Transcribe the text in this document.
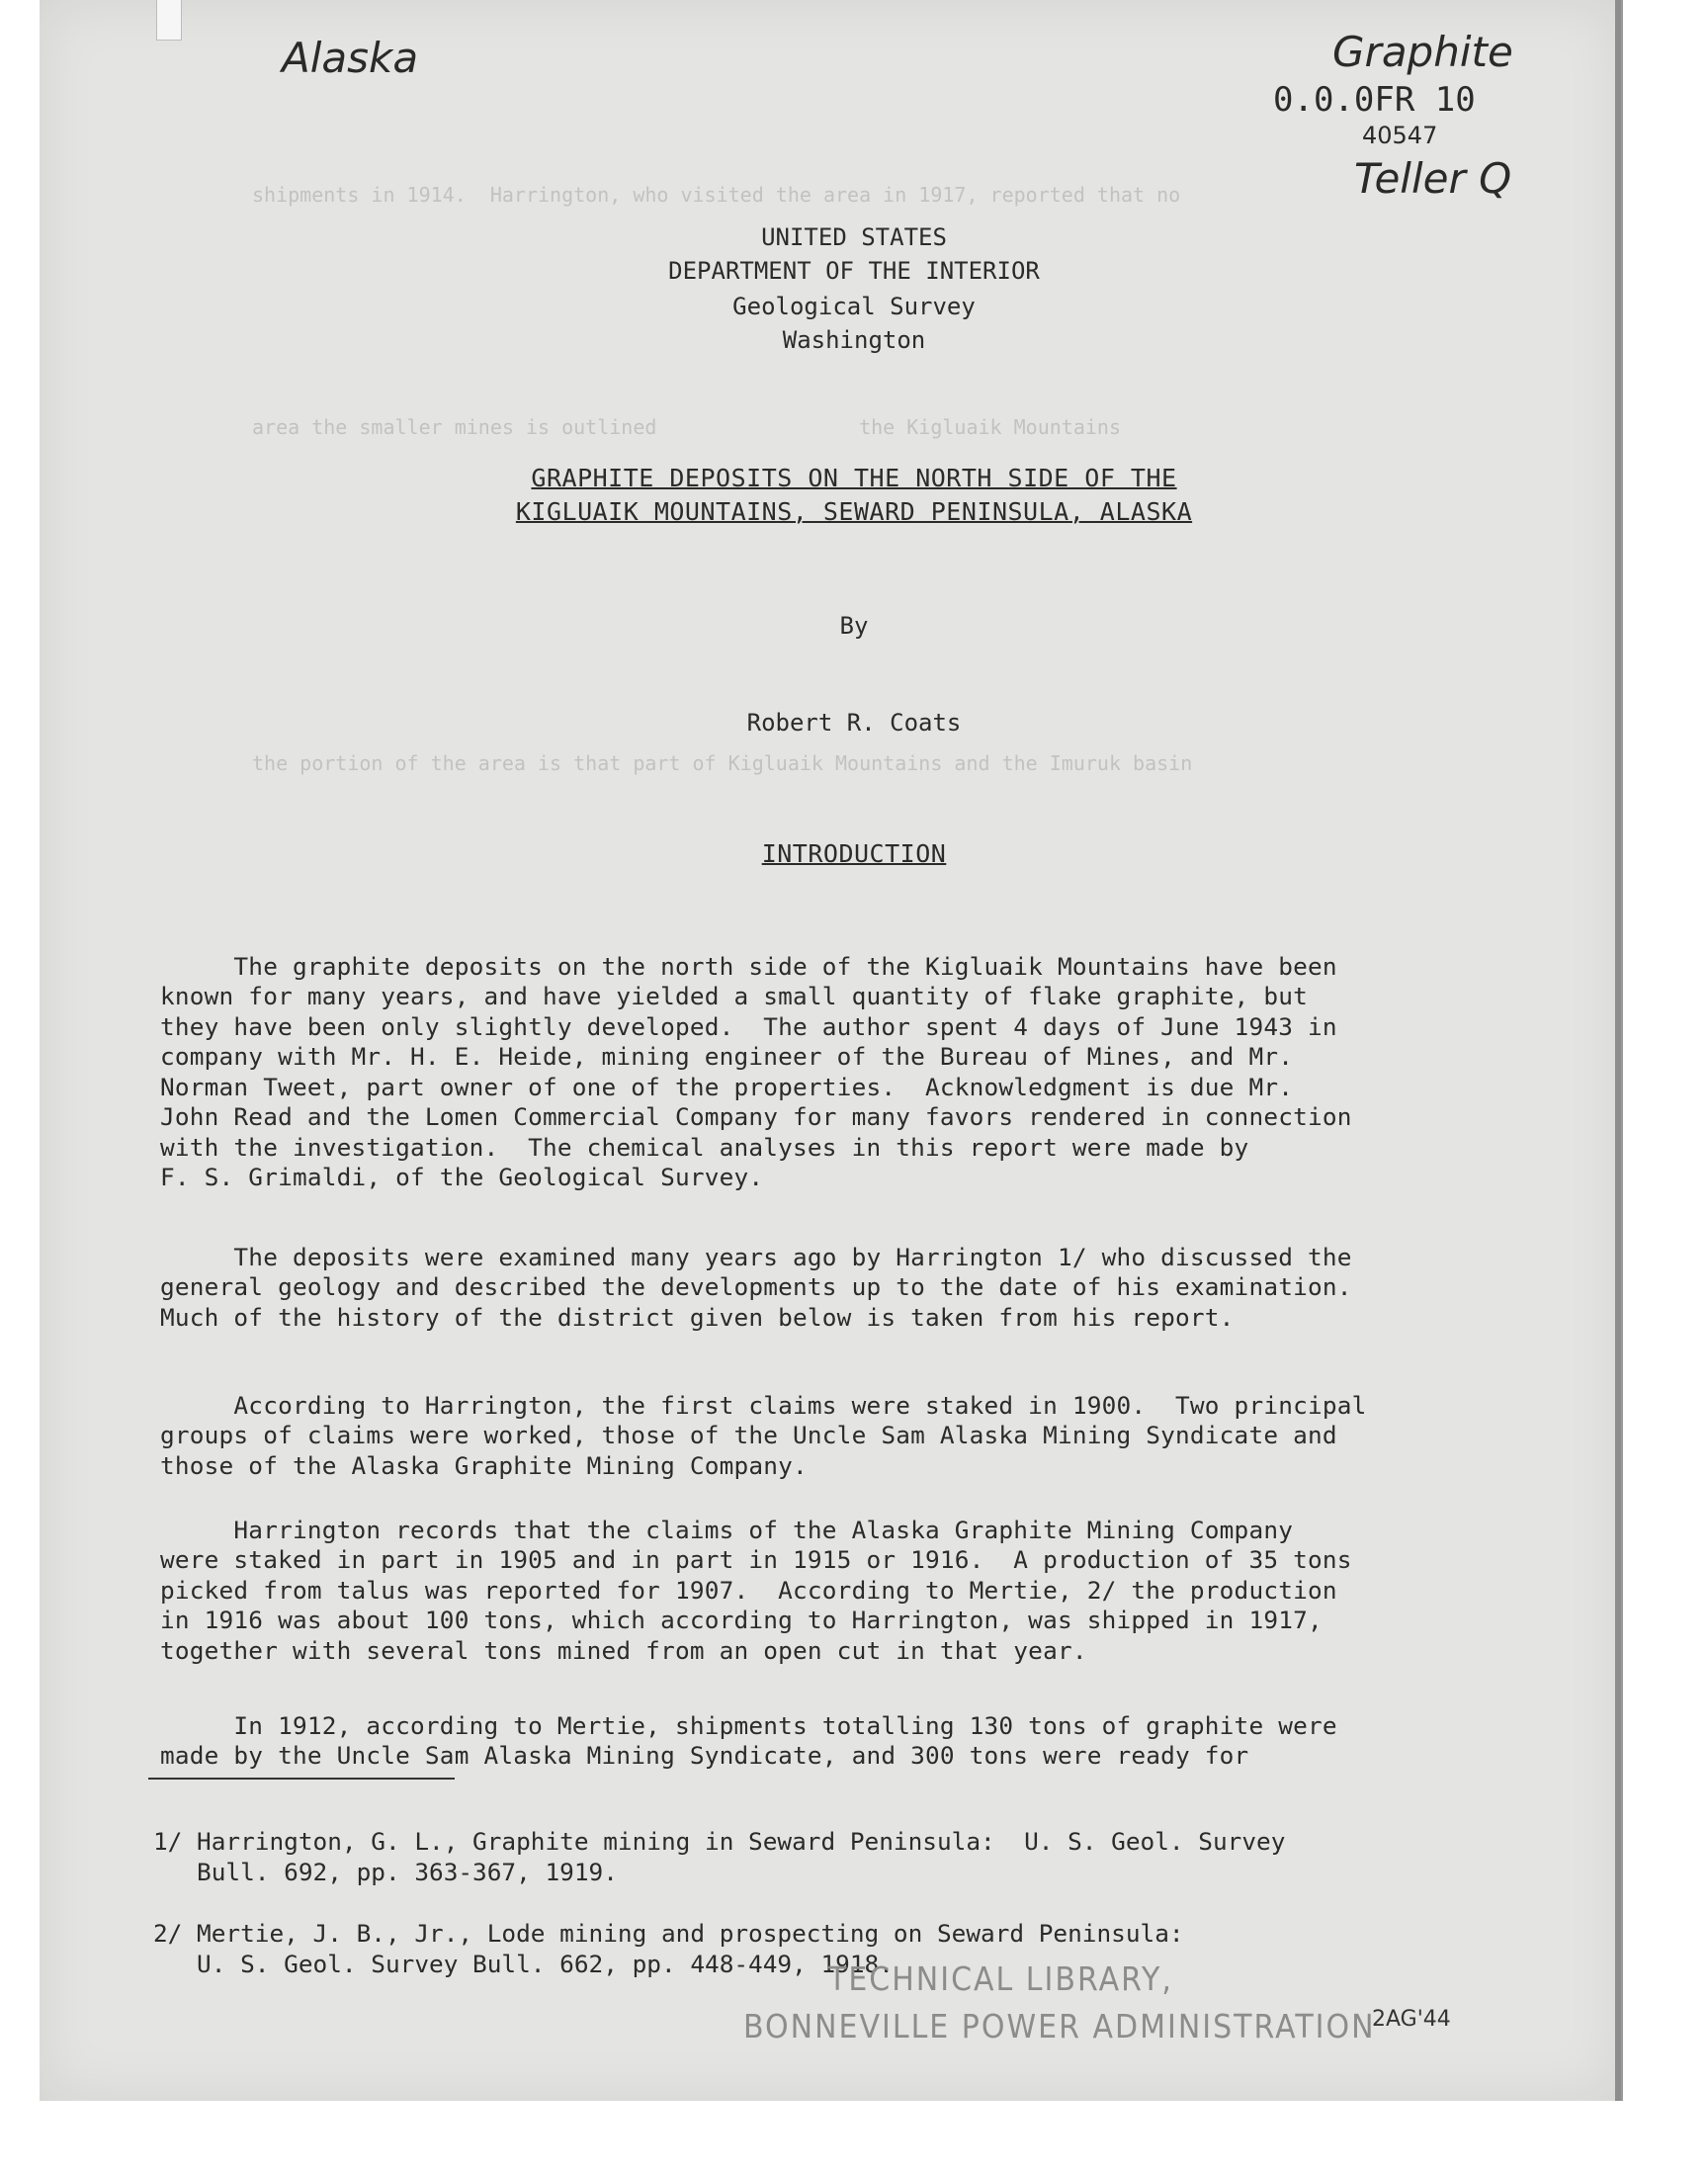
shipments in 1914.  Harrington, who visited the area in 1917, reported that no
area the smaller mines is outlined                 the Kigluaik Mountains
the portion of the area is that part of Kigluaik Mountains and the Imuruk basin
Alaska	Graphite
0.0.0FR 10
40547
Teller Q
UNITED STATES
DEPARTMENT OF THE INTERIOR
Geological Survey
Washington
GRAPHITE DEPOSITS ON THE NORTH SIDE OF THE
KIGLUAIK MOUNTAINS, SEWARD PENINSULA, ALASKA
By
Robert R. Coats
INTRODUCTION

The graphite deposits on the north side of the Kigluaik Mountains have been
known for many years, and have yielded a small quantity of flake graphite, but
they have been only slightly developed.  The author spent 4 days of June 1943 in
company with Mr. H. E. Heide, mining engineer of the Bureau of Mines, and Mr.
Norman Tweet, part owner of one of the properties.  Acknowledgment is due Mr.
John Read and the Lomen Commercial Company for many favors rendered in connection
with the investigation.  The chemical analyses in this report were made by
F. S. Grimaldi, of the Geological Survey.

The deposits were examined many years ago by Harrington 1/ who discussed the
general geology and described the developments up to the date of his examination.
Much of the history of the district given below is taken from his report.

According to Harrington, the first claims were staked in 1900.  Two principal
groups of claims were worked, those of the Uncle Sam Alaska Mining Syndicate and
those of the Alaska Graphite Mining Company.

Harrington records that the claims of the Alaska Graphite Mining Company
were staked in part in 1905 and in part in 1915 or 1916.  A production of 35 tons
picked from talus was reported for 1907.  According to Mertie, 2/ the production
in 1916 was about 100 tons, which according to Harrington, was shipped in 1917,
together with several tons mined from an open cut in that year.

In 1912, according to Mertie, shipments totalling 130 tons of graphite were
made by the Uncle Sam Alaska Mining Syndicate, and 300 tons were ready for

1/ Harrington, G. L., Graphite mining in Seward Peninsula:  U. S. Geol. Survey
Bull. 692, pp. 363-367, 1919.
2/ Mertie, J. B., Jr., Lode mining and prospecting on Seward Peninsula:
U. S. Geol. Survey Bull. 662, pp. 448-449, 1918.
TECHNICAL LIBRARY,
BONNEVILLE POWER ADMINISTRATION
2AG'44
